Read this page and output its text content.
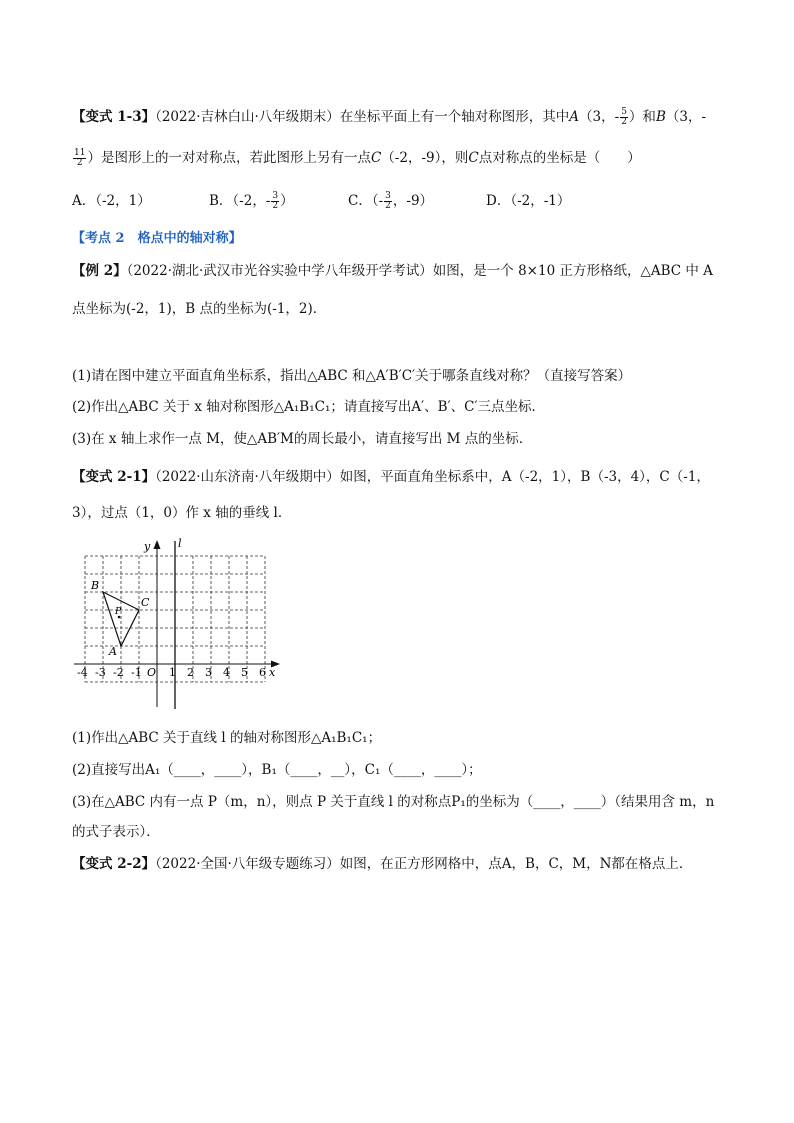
【变式 1-3】（2022·吉林白山·八年级期末）在坐标平面上有一个轴对称图形，其中A（3，- $\frac{5}{2}$ ）和B（3，-
$\frac{11}{2}$ ）是图形上的一对对称点，若此图形上另有一点C（-2，-9），则C点对称点的坐标是（　　）
A．（-2，1）	B．（-2，- $\frac{3}{2}$ ）	C．（- $\frac{3}{2}$ ，-9）	D．（-2，-1）
【考点 2　格点中的轴对称】
【例 2】（2022·湖北·武汉市光谷实验中学八年级开学考试）如图，是一个 8×10 正方形格纸，△ABC 中 A
点坐标为(-2，1)，B 点的坐标为(-1，2)．
(1)请在图中建立平面直角坐标系，指出△ABC 和△A′B′C′关于哪条直线对称？（直接写答案）
(2)作出△ABC 关于 x 轴对称图形△A₁B₁C₁；请直接写出A′、B′、C′三点坐标．
(3)在 x 轴上求作一点 M，使△AB′M的周长最小，请直接写出 M 点的坐标．
【变式 2-1】（2022·山东济南·八年级期中）如图，平面直角坐标系中，A（-2，1），B（-3，4），C（-1，
3），过点（1，0）作 x 轴的垂线 l．
y	l
B
C
P
A
-4 -3 -2 -1 O 1 2 3 4 5 6 x
(1)作出△ABC 关于直线 l 的轴对称图形△A₁B₁C₁；
(2)直接写出A₁（____，____），B₁（____，__），C₁（____，____）；
(3)在△ABC 内有一点 P（m，n），则点 P 关于直线 l 的对称点P₁的坐标为（____，____）（结果用含 m，n
的式子表示）．
【变式 2-2】（2022·全国·八年级专题练习）如图，在正方形网格中，点A，B，C，M，N都在格点上．
